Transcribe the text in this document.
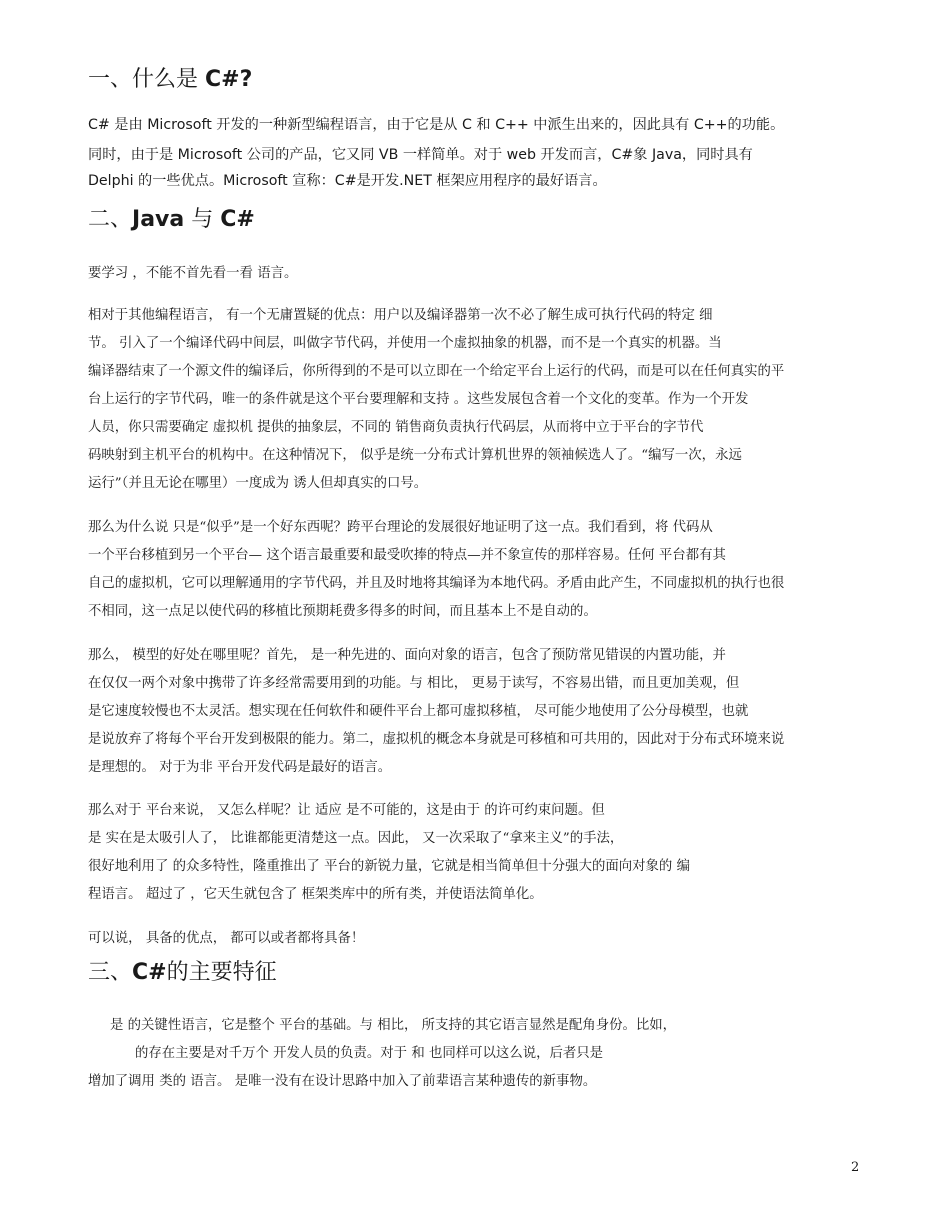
一、什么是 C#?
C# 是由 Microsoft 开发的一种新型编程语言，由于它是从 C 和 C++ 中派生出来的，因此具有 C++的功能。
同时，由于是 Microsoft 公司的产品，它又同 VB 一样简单。对于 web 开发而言，C#象 Java，同时具有
Delphi 的一些优点。Microsoft 宣称：C#是开发.NET 框架应用程序的最好语言。
二、Java 与 C#
要学习 ，不能不首先看一看 语言。
相对于其他编程语言， 有一个无庸置疑的优点：用户以及编译器第一次不必了解生成可执行代码的特定 细
节。 引入了一个编译代码中间层，叫做字节代码，并使用一个虚拟抽象的机器，而不是一个真实的机器。当
编译器结束了一个源文件的编译后，你所得到的不是可以立即在一个给定平台上运行的代码，而是可以在任何真实的平
台上运行的字节代码，唯一的条件就是这个平台要理解和支持 。这些发展包含着一个文化的变革。作为一个开发
人员，你只需要确定 虚拟机 提供的抽象层，不同的 销售商负责执行代码层，从而将中立于平台的字节代
码映射到主机平台的机构中。在这种情况下， 似乎是统一分布式计算机世界的领袖候选人了。“编写一次，永远
运行”（并且无论在哪里）一度成为 诱人但却真实的口号。
那么为什么说 只是“似乎”是一个好东西呢？跨平台理论的发展很好地证明了这一点。我们看到，将 代码从
一个平台移植到另一个平台— 这个语言最重要和最受吹捧的特点—并不象宣传的那样容易。任何 平台都有其
自己的虚拟机，它可以理解通用的字节代码，并且及时地将其编译为本地代码。矛盾由此产生，不同虚拟机的执行也很
不相同，这一点足以使代码的移植比预期耗费多得多的时间，而且基本上不是自动的。
那么， 模型的好处在哪里呢？首先， 是一种先进的、面向对象的语言，包含了预防常见错误的内置功能，并
在仅仅一两个对象中携带了许多经常需要用到的功能。与 相比， 更易于读写，不容易出错，而且更加美观，但
是它速度较慢也不太灵活。想实现在任何软件和硬件平台上都可虚拟移植， 尽可能少地使用了公分母模型，也就
是说放弃了将每个平台开发到极限的能力。第二，虚拟机的概念本身就是可移植和可共用的，因此对于分布式环境来说
是理想的。 对于为非 平台开发代码是最好的语言。
那么对于 平台来说， 又怎么样呢？让 适应 是不可能的，这是由于 的许可约束问题。但
是 实在是太吸引人了， 比谁都能更清楚这一点。因此， 又一次采取了“拿来主义”的手法，
很好地利用了 的众多特性，隆重推出了 平台的新锐力量，它就是相当简单但十分强大的面向对象的 编
程语言。 超过了 ，它天生就包含了 框架类库中的所有类，并使语法简单化。
可以说， 具备的优点， 都可以或者都将具备！
三、C#的主要特征
是 的关键性语言，它是整个 平台的基础。与 相比， 所支持的其它语言显然是配角身份。比如，
的存在主要是对千万个 开发人员的负责。对于 和 也同样可以这么说，后者只是
增加了调用 类的 语言。 是唯一没有在设计思路中加入了前辈语言某种遗传的新事物。
2
